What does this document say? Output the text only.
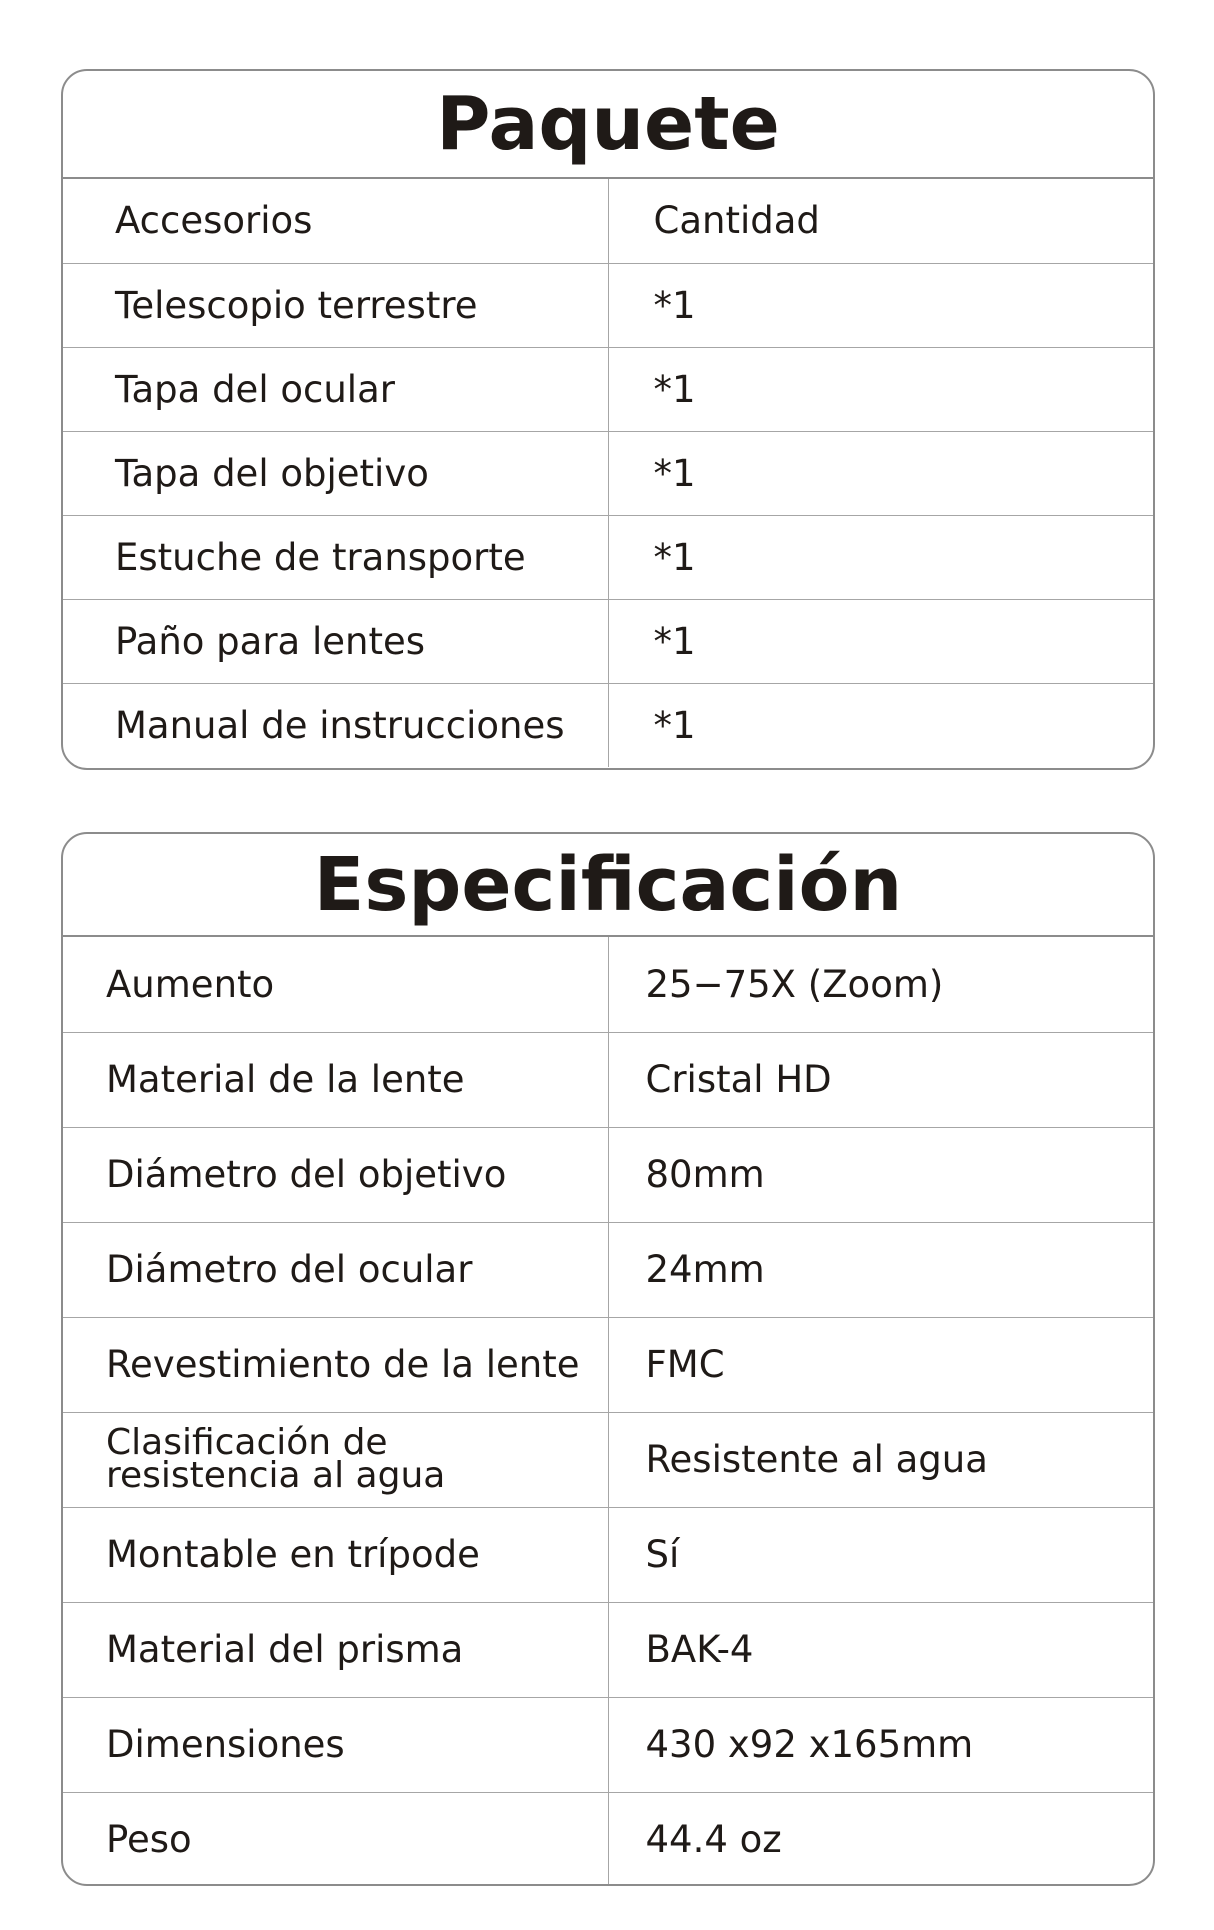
Paquete
Accesorios	Cantidad
Telescopio terrestre	*1
Tapa del ocular	*1
Tapa del objetivo	*1
Estuche de transporte	*1
Paño para lentes	*1
Manual de instrucciones	*1
Especificación
Aumento	25−75X (Zoom)
Material de la lente	Cristal HD
Diámetro del objetivo	80mm
Diámetro del ocular	24mm
Revestimiento de la lente	FMC
Clasificación de
resistencia al agua	Resistente al agua
Montable en trípode	Sí
Material del prisma	BAK-4
Dimensiones	430 x92 x165mm
Peso	44.4 oz
